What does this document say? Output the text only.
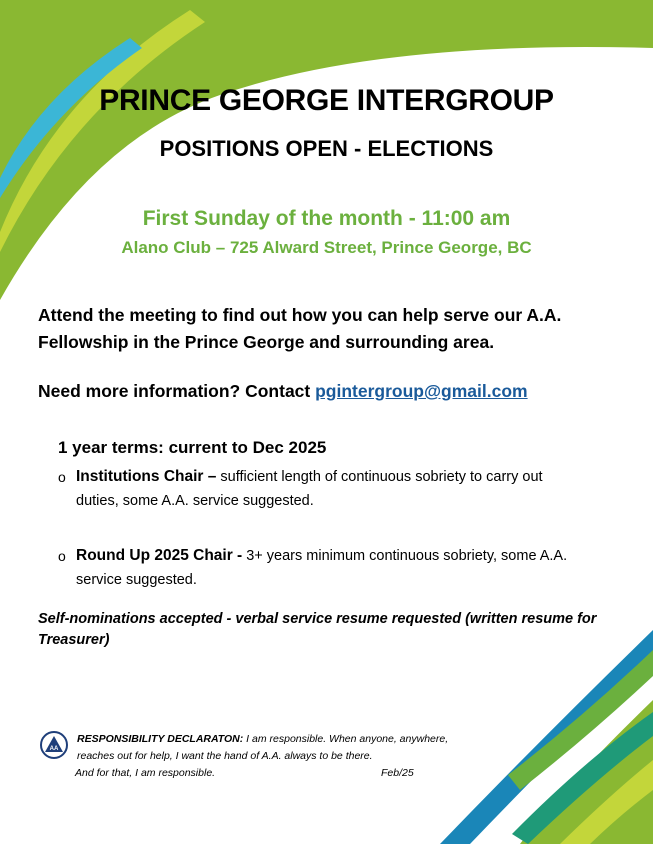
PRINCE GEORGE INTERGROUP
POSITIONS OPEN - ELECTIONS
First Sunday of the month - 11:00 am
Alano Club – 725 Alward Street, Prince George, BC
Attend the meeting to find out how you can help serve our A.A.
Fellowship in the Prince George and surrounding area.
Need more information? Contact pgintergroup@gmail.com
1 year terms: current to Dec 2025
o Institutions Chair – sufficient length of continuous sobriety to carry out
duties, some A.A. service suggested.
o Round Up 2025 Chair - 3+ years minimum continuous sobriety, some A.A.
service suggested.
Self-nominations accepted - verbal service resume requested (written resume for
Treasurer)
AA
RESPONSIBILITY DECLARATON: I am responsible. When anyone, anywhere,
reaches out for help, I want the hand of A.A. always to be there.
And for that, I am responsible.	Feb/25
